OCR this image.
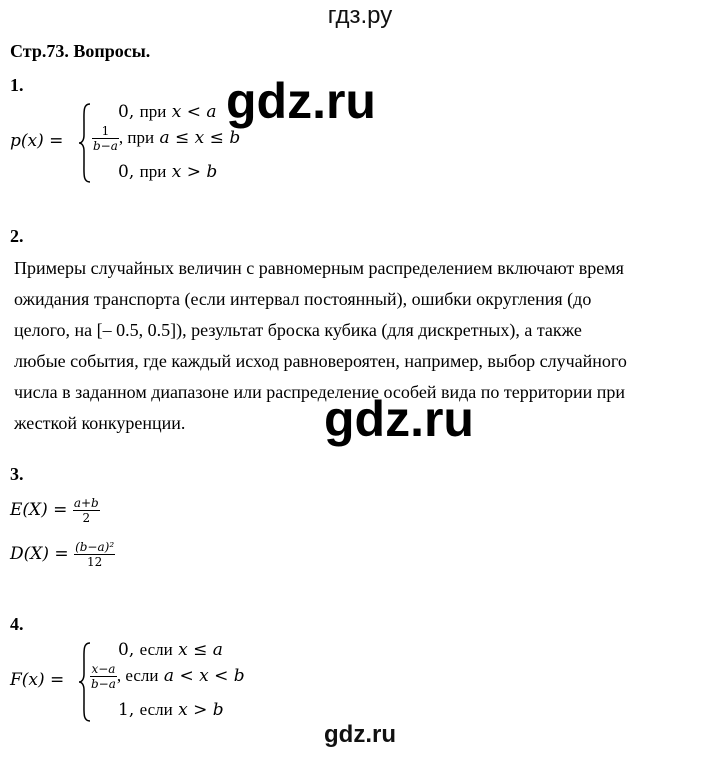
гдз.ру
Стр.73. Вопросы.
gdz.ru
gdz.ru
1.
p(x) =
0, при x < a
$\frac{1}{b-a}$ , при a ≤ x ≤ b
0, при x > b
2.
Примеры случайных величин с равномерным распределением включают время
ожидания транспорта (если интервал постоянный), ошибки округления (до
целого, на [– 0.5, 0.5]), результат броска кубика (для дискретных), а также
любые события, где каждый исход равновероятен, например, выбор случайного
числа в заданном диапазоне или распределение особей вида по территории при
жесткой конкуренции.
3.
$E(X) = \frac{a+b}{2}$
$D(X) = \frac{\text{(b−a)²}}{12}$
4.
F(x) =
0, если x ≤ a
$\frac{x-a}{b-a}$ , если a < x < b
1, если x > b
gdz.ru
